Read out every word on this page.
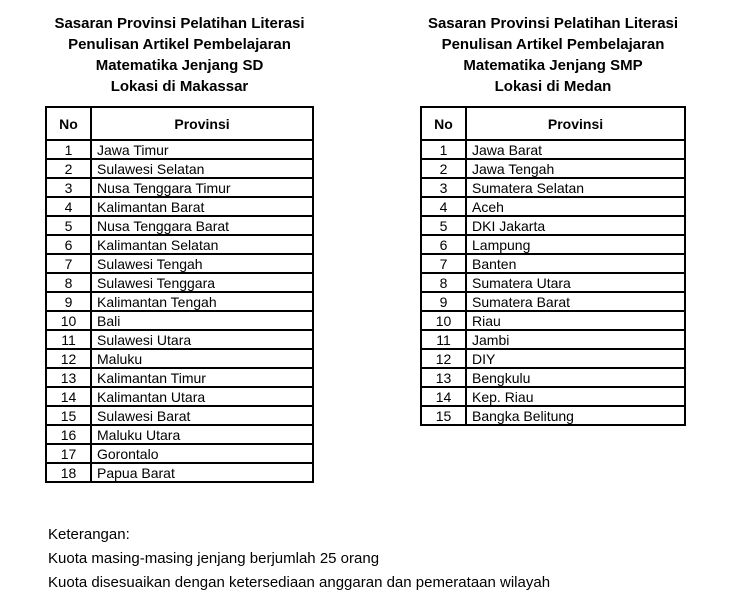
Sasaran Provinsi Pelatihan Literasi
Penulisan Artikel Pembelajaran
Matematika Jenjang SD
Lokasi di Makassar
No	Provinsi
1	Jawa Timur
2	Sulawesi Selatan
3	Nusa Tenggara Timur
4	Kalimantan Barat
5	Nusa Tenggara Barat
6	Kalimantan Selatan
7	Sulawesi Tengah
8	Sulawesi Tenggara
9	Kalimantan Tengah
10	Bali
11	Sulawesi Utara
12	Maluku
13	Kalimantan Timur
14	Kalimantan Utara
15	Sulawesi Barat
16	Maluku Utara
17	Gorontalo
18	Papua Barat
Sasaran Provinsi Pelatihan Literasi
Penulisan Artikel Pembelajaran
Matematika Jenjang SMP
Lokasi di Medan
No	Provinsi
1	Jawa Barat
2	Jawa Tengah
3	Sumatera Selatan
4	Aceh
5	DKI Jakarta
6	Lampung
7	Banten
8	Sumatera Utara
9	Sumatera Barat
10	Riau
11	Jambi
12	DIY
13	Bengkulu
14	Kep. Riau
15	Bangka Belitung
Keterangan:
Kuota masing-masing jenjang berjumlah 25 orang
Kuota disesuaikan dengan ketersediaan anggaran dan pemerataan wilayah
